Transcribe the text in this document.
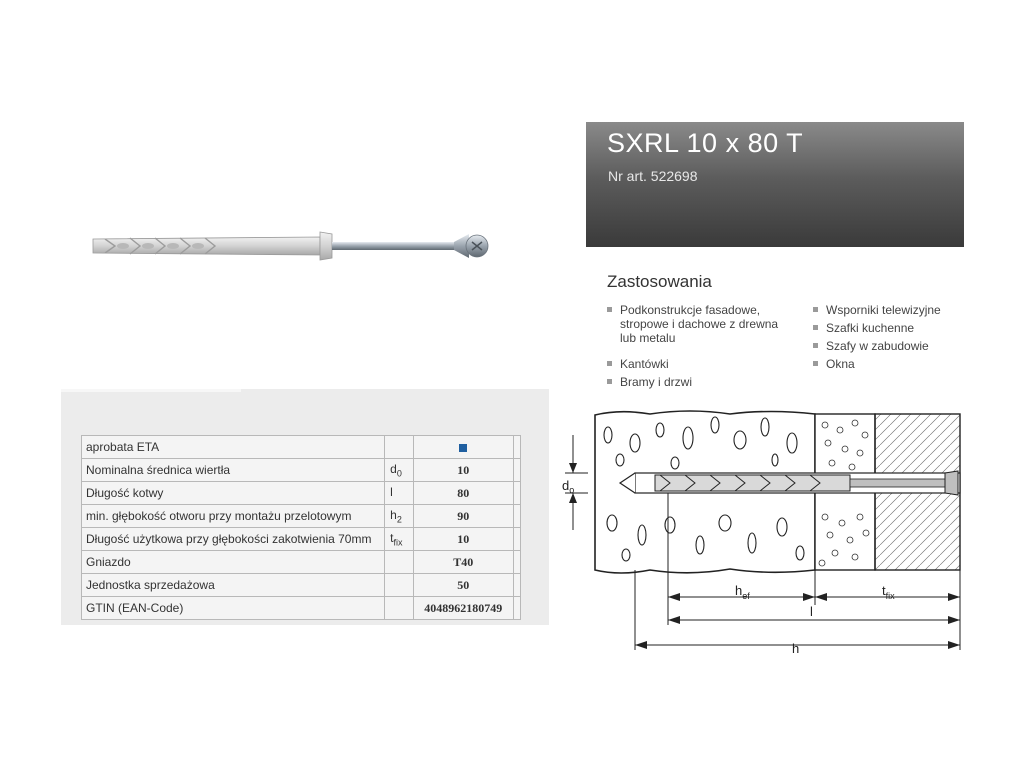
SXRL 10 x 80 T
Nr art. 522698
Zastosowania
Podkonstrukcje fasadowe, stropowe i dachowe z drewna lub metalu
Kantówki
Bramy i drzwi
Wsporniki telewizyjne
Szafki kuchenne
Szafy w zabudowie
Okna
aprobata ETA			
Nominalna średnica wiertła	$d_0$	10	
Długość kotwy	l	80	
min. głębokość otworu przy montażu przelotowym	$h_2$	90	
Długość użytkowa przy głębokości zakotwienia 70mm	$t_{fix}$	10	
Gniazdo		T40	
Jednostka sprzedażowa		50	
GTIN (EAN-Code)		4048962180749	
$d_o$
$h_{ef}$	$t_{fix}$
l
h
